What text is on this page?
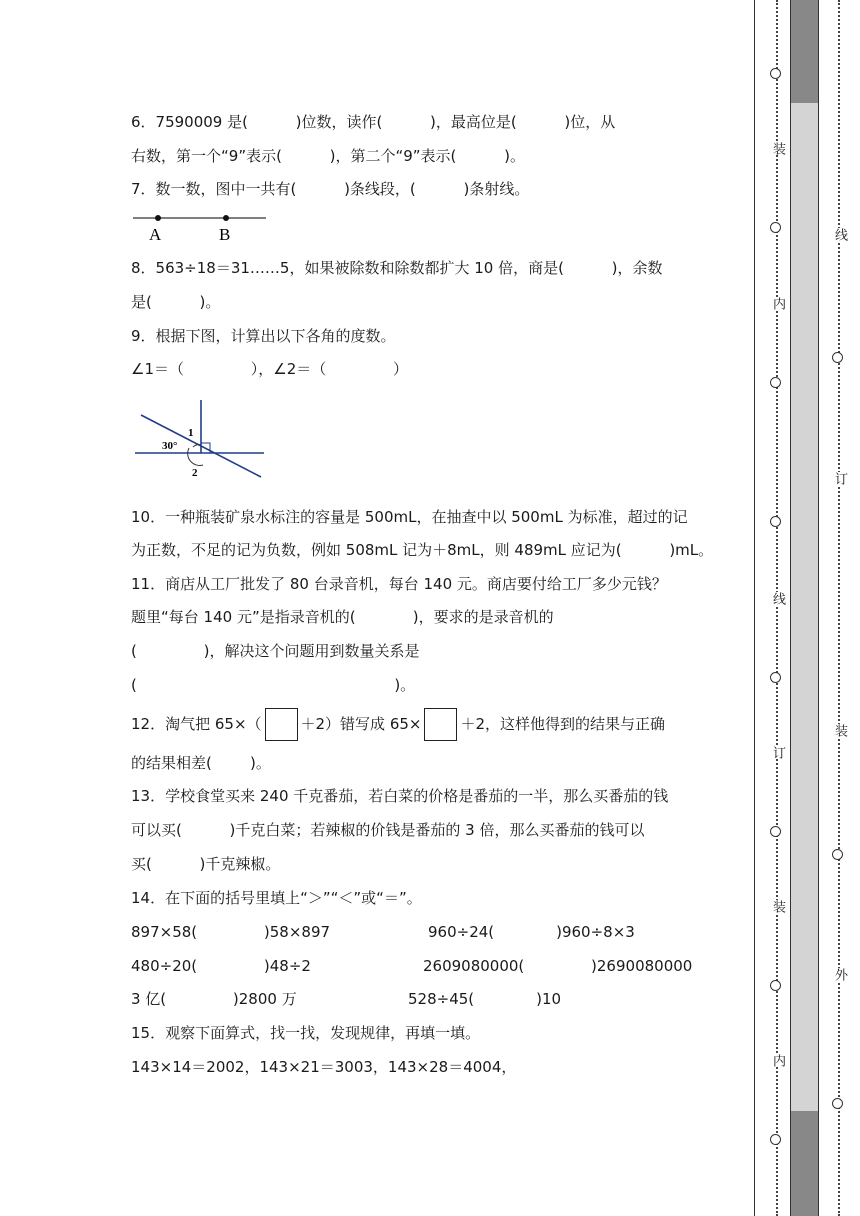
6．7590009 是(          )位数，读作(          )，最高位是(          )位，从
右数，第一个“9”表示(          )，第二个“9”表示(          )。
7．数一数，图中一共有(          )条线段，(          )条射线。
A	B
8．563÷18＝31……5，如果被除数和除数都扩大 10 倍，商是(          )，余数
是(          )。
9．根据下图，计算出以下各角的度数。
∠1＝（              ），∠2＝（              ）
30°
1
2
10．一种瓶装矿泉水标注的容量是 500mL，在抽查中以 500mL 为标准，超过的记
为正数，不足的记为负数，例如 508mL 记为＋8mL，则 489mL 应记为(          )mL。
11．商店从工厂批发了 80 台录音机，每台 140 元。商店要付给工厂多少元钱？
题里“每台 140 元”是指录音机的(            )，要求的是录音机的
(              )，解决这个问题用到数量关系是
(                                                      )。
12．淘气把 65×（	＋2）错写成 65×	＋2，这样他得到的结果与正确
的结果相差(        )。
13．学校食堂买来 240 千克番茄，若白菜的价格是番茄的一半，那么买番茄的钱
可以买(          )千克白菜；若辣椒的价钱是番茄的 3 倍，那么买番茄的钱可以
买(          )千克辣椒。
14．在下面的括号里填上“＞”“＜”或“＝”。
897×58(              )58×897	960÷24(             )960÷8×3
480÷20(              )48÷2	2609080000(              )2690080000
3 亿(              )2800 万	528÷45(             )10
15．观察下面算式，找一找，发现规律，再填一填。
143×14＝2002，143×21＝3003，143×28＝4004，
装
内
线
订
装
内
线
订
装
外
